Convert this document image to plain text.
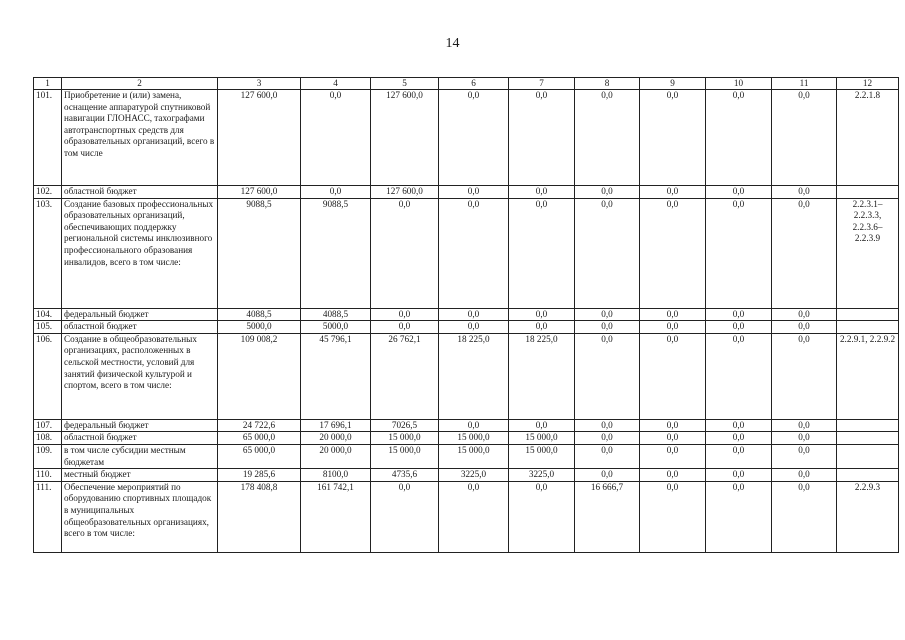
14
1	2	3	4	5	6	7	8	9	10	11	12
101.	Приобретение и (или) замена, оснащение аппаратурой спутниковой навигации ГЛОНАСС, тахографами автотранспортных средств для образовательных организаций, всего в том числе	127 600,0	0,0	127 600,0	0,0	0,0	0,0	0,0	0,0	0,0	2.2.1.8
102.	областной бюджет	127 600,0	0,0	127 600,0	0,0	0,0	0,0	0,0	0,0	0,0	
103.	Создание базовых профессиональных образовательных организаций, обеспечивающих поддержку региональной системы инклюзивного профессионального образования инвалидов, всего в том числе:	9088,5	9088,5	0,0	0,0	0,0	0,0	0,0	0,0	0,0	2.2.3.1– 2.2.3.3, 2.2.3.6– 2.2.3.9
104.	федеральный бюджет	4088,5	4088,5	0,0	0,0	0,0	0,0	0,0	0,0	0,0	
105.	областной бюджет	5000,0	5000,0	0,0	0,0	0,0	0,0	0,0	0,0	0,0	
106.	Создание в общеобразовательных организациях, расположенных в сельской местности, условий для занятий физической культурой и спортом, всего в том числе:	109 008,2	45 796,1	26 762,1	18 225,0	18 225,0	0,0	0,0	0,0	0,0	2.2.9.1, 2.2.9.2
107.	федеральный бюджет	24 722,6	17 696,1	7026,5	0,0	0,0	0,0	0,0	0,0	0,0	
108.	областной бюджет	65 000,0	20 000,0	15 000,0	15 000,0	15 000,0	0,0	0,0	0,0	0,0	
109.	в том числе субсидии местным бюджетам	65 000,0	20 000,0	15 000,0	15 000,0	15 000,0	0,0	0,0	0,0	0,0	
110.	местный бюджет	19 285,6	8100,0	4735,6	3225,0	3225,0	0,0	0,0	0,0	0,0	
111.	Обеспечение мероприятий по оборудованию спортивных площадок в муниципальных общеобразовательных организациях, всего в том числе:	178 408,8	161 742,1	0,0	0,0	0,0	16 666,7	0,0	0,0	0,0	2.2.9.3
